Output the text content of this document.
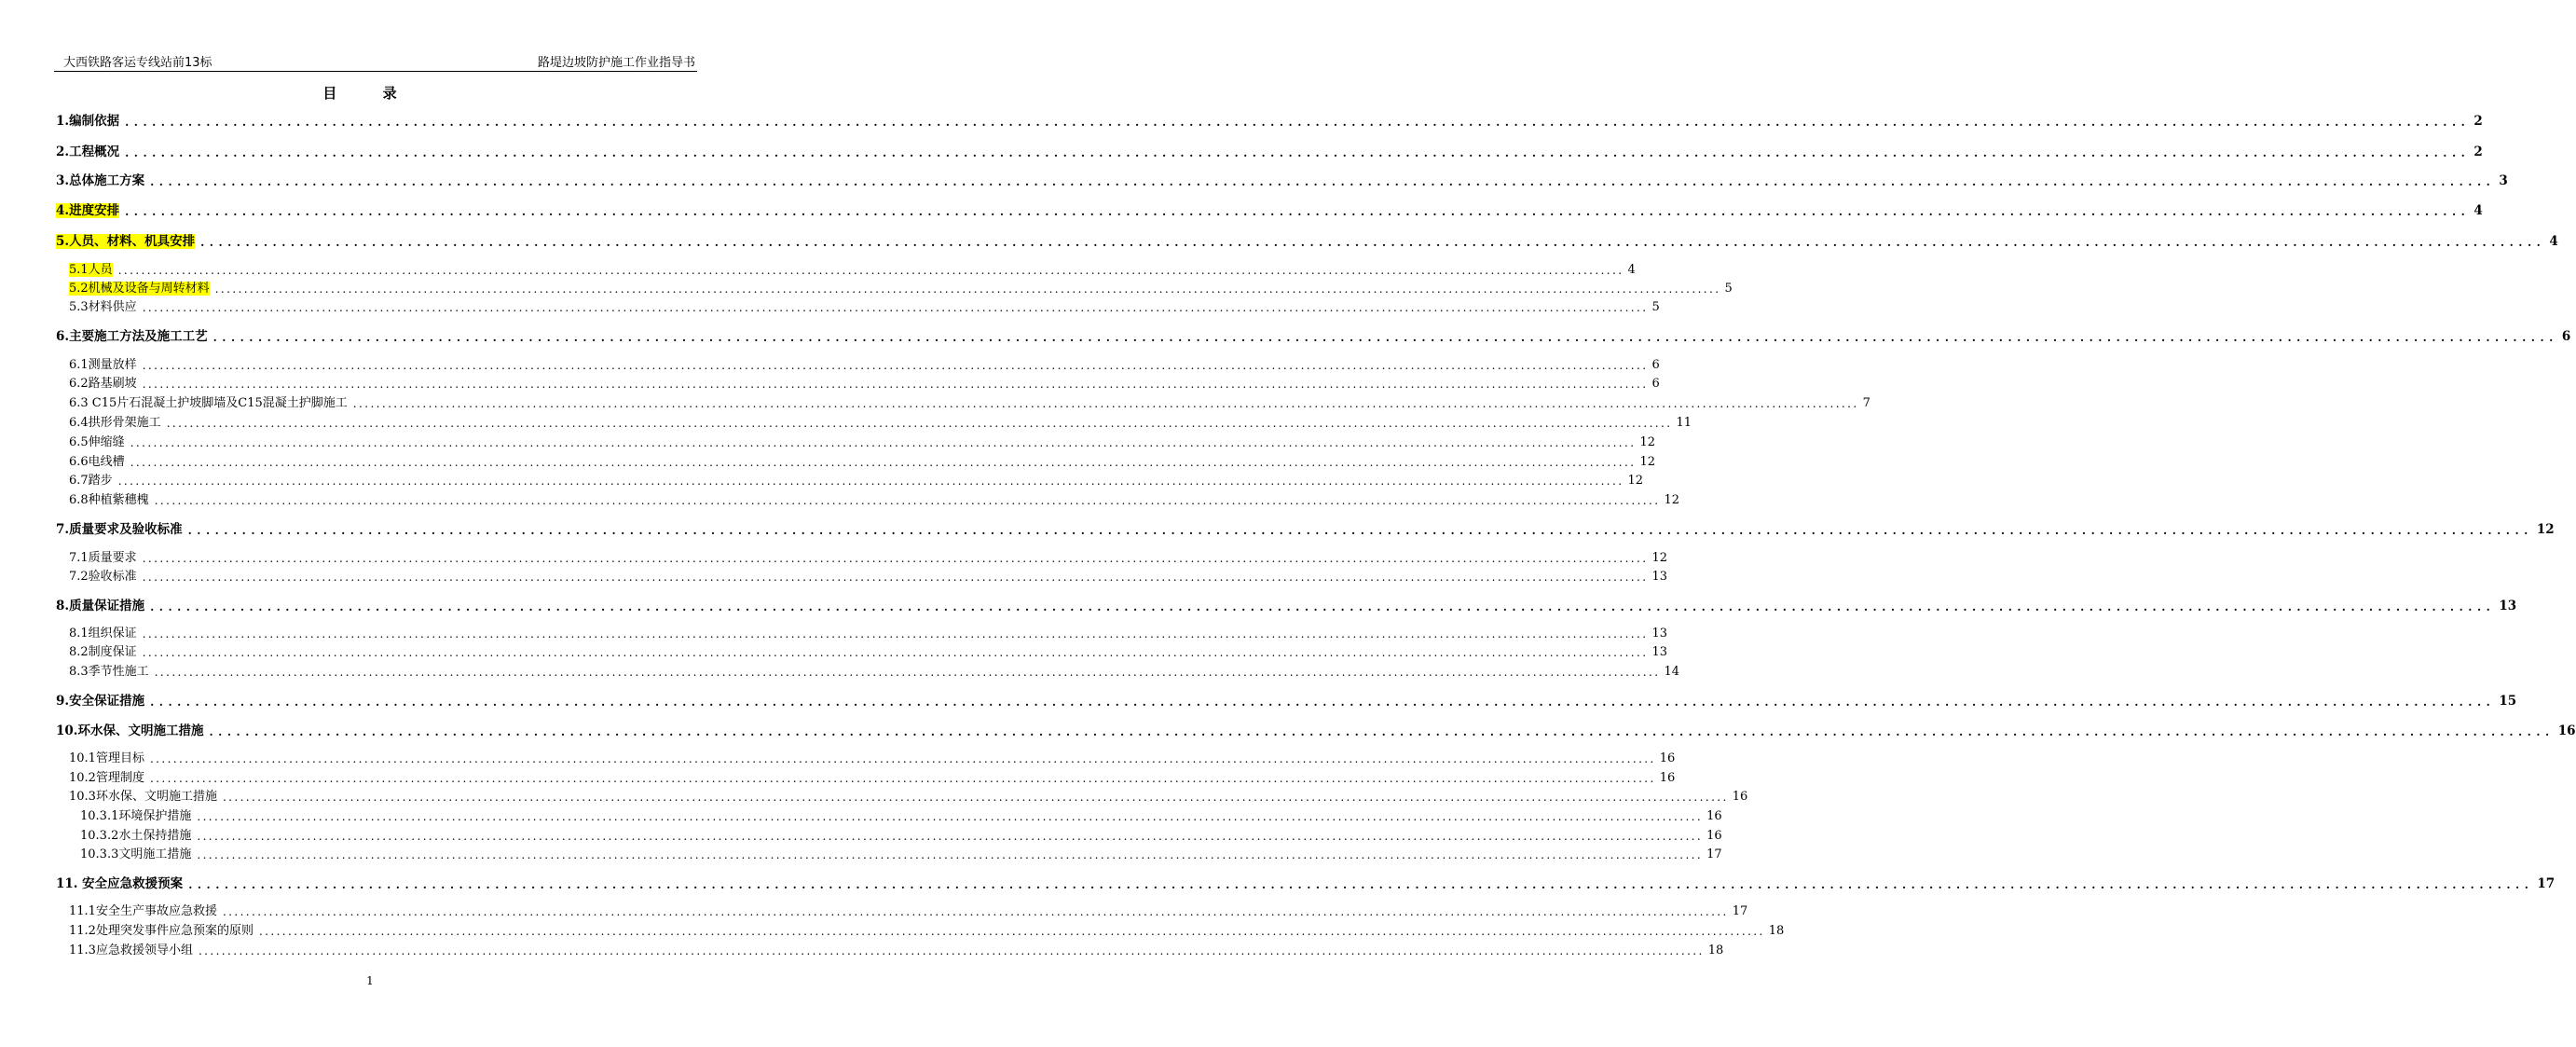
大西铁路客运专线站前13标	路堤边坡防护施工作业指导书
目 录
1.编制依据 .................................................................................................................................................................................................................................................................... 2
2.工程概况 .................................................................................................................................................................................................................................................................... 2
3.总体施工方案 .................................................................................................................................................................................................................................................................... 3
4.进度安排 .................................................................................................................................................................................................................................................................... 4
5.人员、材料、机具安排 .................................................................................................................................................................................................................................................................... 4
5.1人员 .................................................................................................................................................................................................................................................................... 4
5.2机械及设备与周转材料 .................................................................................................................................................................................................................................................................... 5
5.3材料供应 .................................................................................................................................................................................................................................................................... 5
6.主要施工方法及施工工艺 .................................................................................................................................................................................................................................................................... 6
6.1测量放样 .................................................................................................................................................................................................................................................................... 6
6.2路基刷坡 .................................................................................................................................................................................................................................................................... 6
6.3 C15片石混凝土护坡脚墙及C15混凝土护脚施工 .................................................................................................................................................................................................................................................................... 7
6.4拱形骨架施工 .................................................................................................................................................................................................................................................................... 11
6.5伸缩缝 .................................................................................................................................................................................................................................................................... 12
6.6电线槽 .................................................................................................................................................................................................................................................................... 12
6.7踏步 .................................................................................................................................................................................................................................................................... 12
6.8种植紫穗槐 .................................................................................................................................................................................................................................................................... 12
7.质量要求及验收标准 .................................................................................................................................................................................................................................................................... 12
7.1质量要求 .................................................................................................................................................................................................................................................................... 12
7.2验收标准 .................................................................................................................................................................................................................................................................... 13
8.质量保证措施 .................................................................................................................................................................................................................................................................... 13
8.1组织保证 .................................................................................................................................................................................................................................................................... 13
8.2制度保证 .................................................................................................................................................................................................................................................................... 13
8.3季节性施工 .................................................................................................................................................................................................................................................................... 14
9.安全保证措施 .................................................................................................................................................................................................................................................................... 15
10.环水保、文明施工措施 .................................................................................................................................................................................................................................................................... 16
10.1管理目标 .................................................................................................................................................................................................................................................................... 16
10.2管理制度 .................................................................................................................................................................................................................................................................... 16
10.3环水保、文明施工措施 .................................................................................................................................................................................................................................................................... 16
10.3.1环境保护措施 .................................................................................................................................................................................................................................................................... 16
10.3.2水土保持措施 .................................................................................................................................................................................................................................................................... 16
10.3.3文明施工措施 .................................................................................................................................................................................................................................................................... 17
11. 安全应急救援预案 .................................................................................................................................................................................................................................................................... 17
11.1安全生产事故应急救援 .................................................................................................................................................................................................................................................................... 17
11.2处理突发事件应急预案的原则 .................................................................................................................................................................................................................................................................... 18
11.3应急救援领导小组 .................................................................................................................................................................................................................................................................... 18
1
